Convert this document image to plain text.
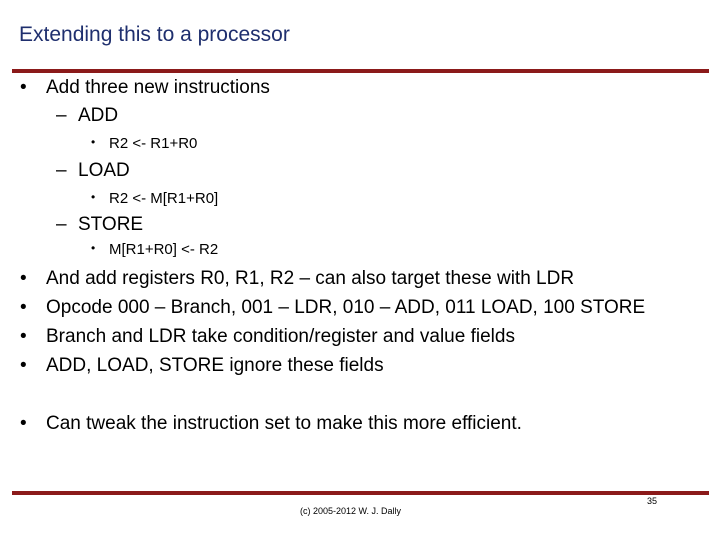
Extending this to a processor
• Add three new instructions
– ADD
• R2 <- R1+R0
– LOAD
• R2 <- M[R1+R0]
– STORE
• M[R1+R0] <- R2
• And add registers R0, R1, R2 – can also target these with LDR
• Opcode 000 – Branch, 001 – LDR, 010 – ADD, 011 LOAD, 100 STORE
• Branch and LDR take condition/register and value fields
• ADD, LOAD, STORE ignore these fields
• Can tweak the instruction set to make this more efficient.
(c) 2005-2012 W. J. Dally
35
